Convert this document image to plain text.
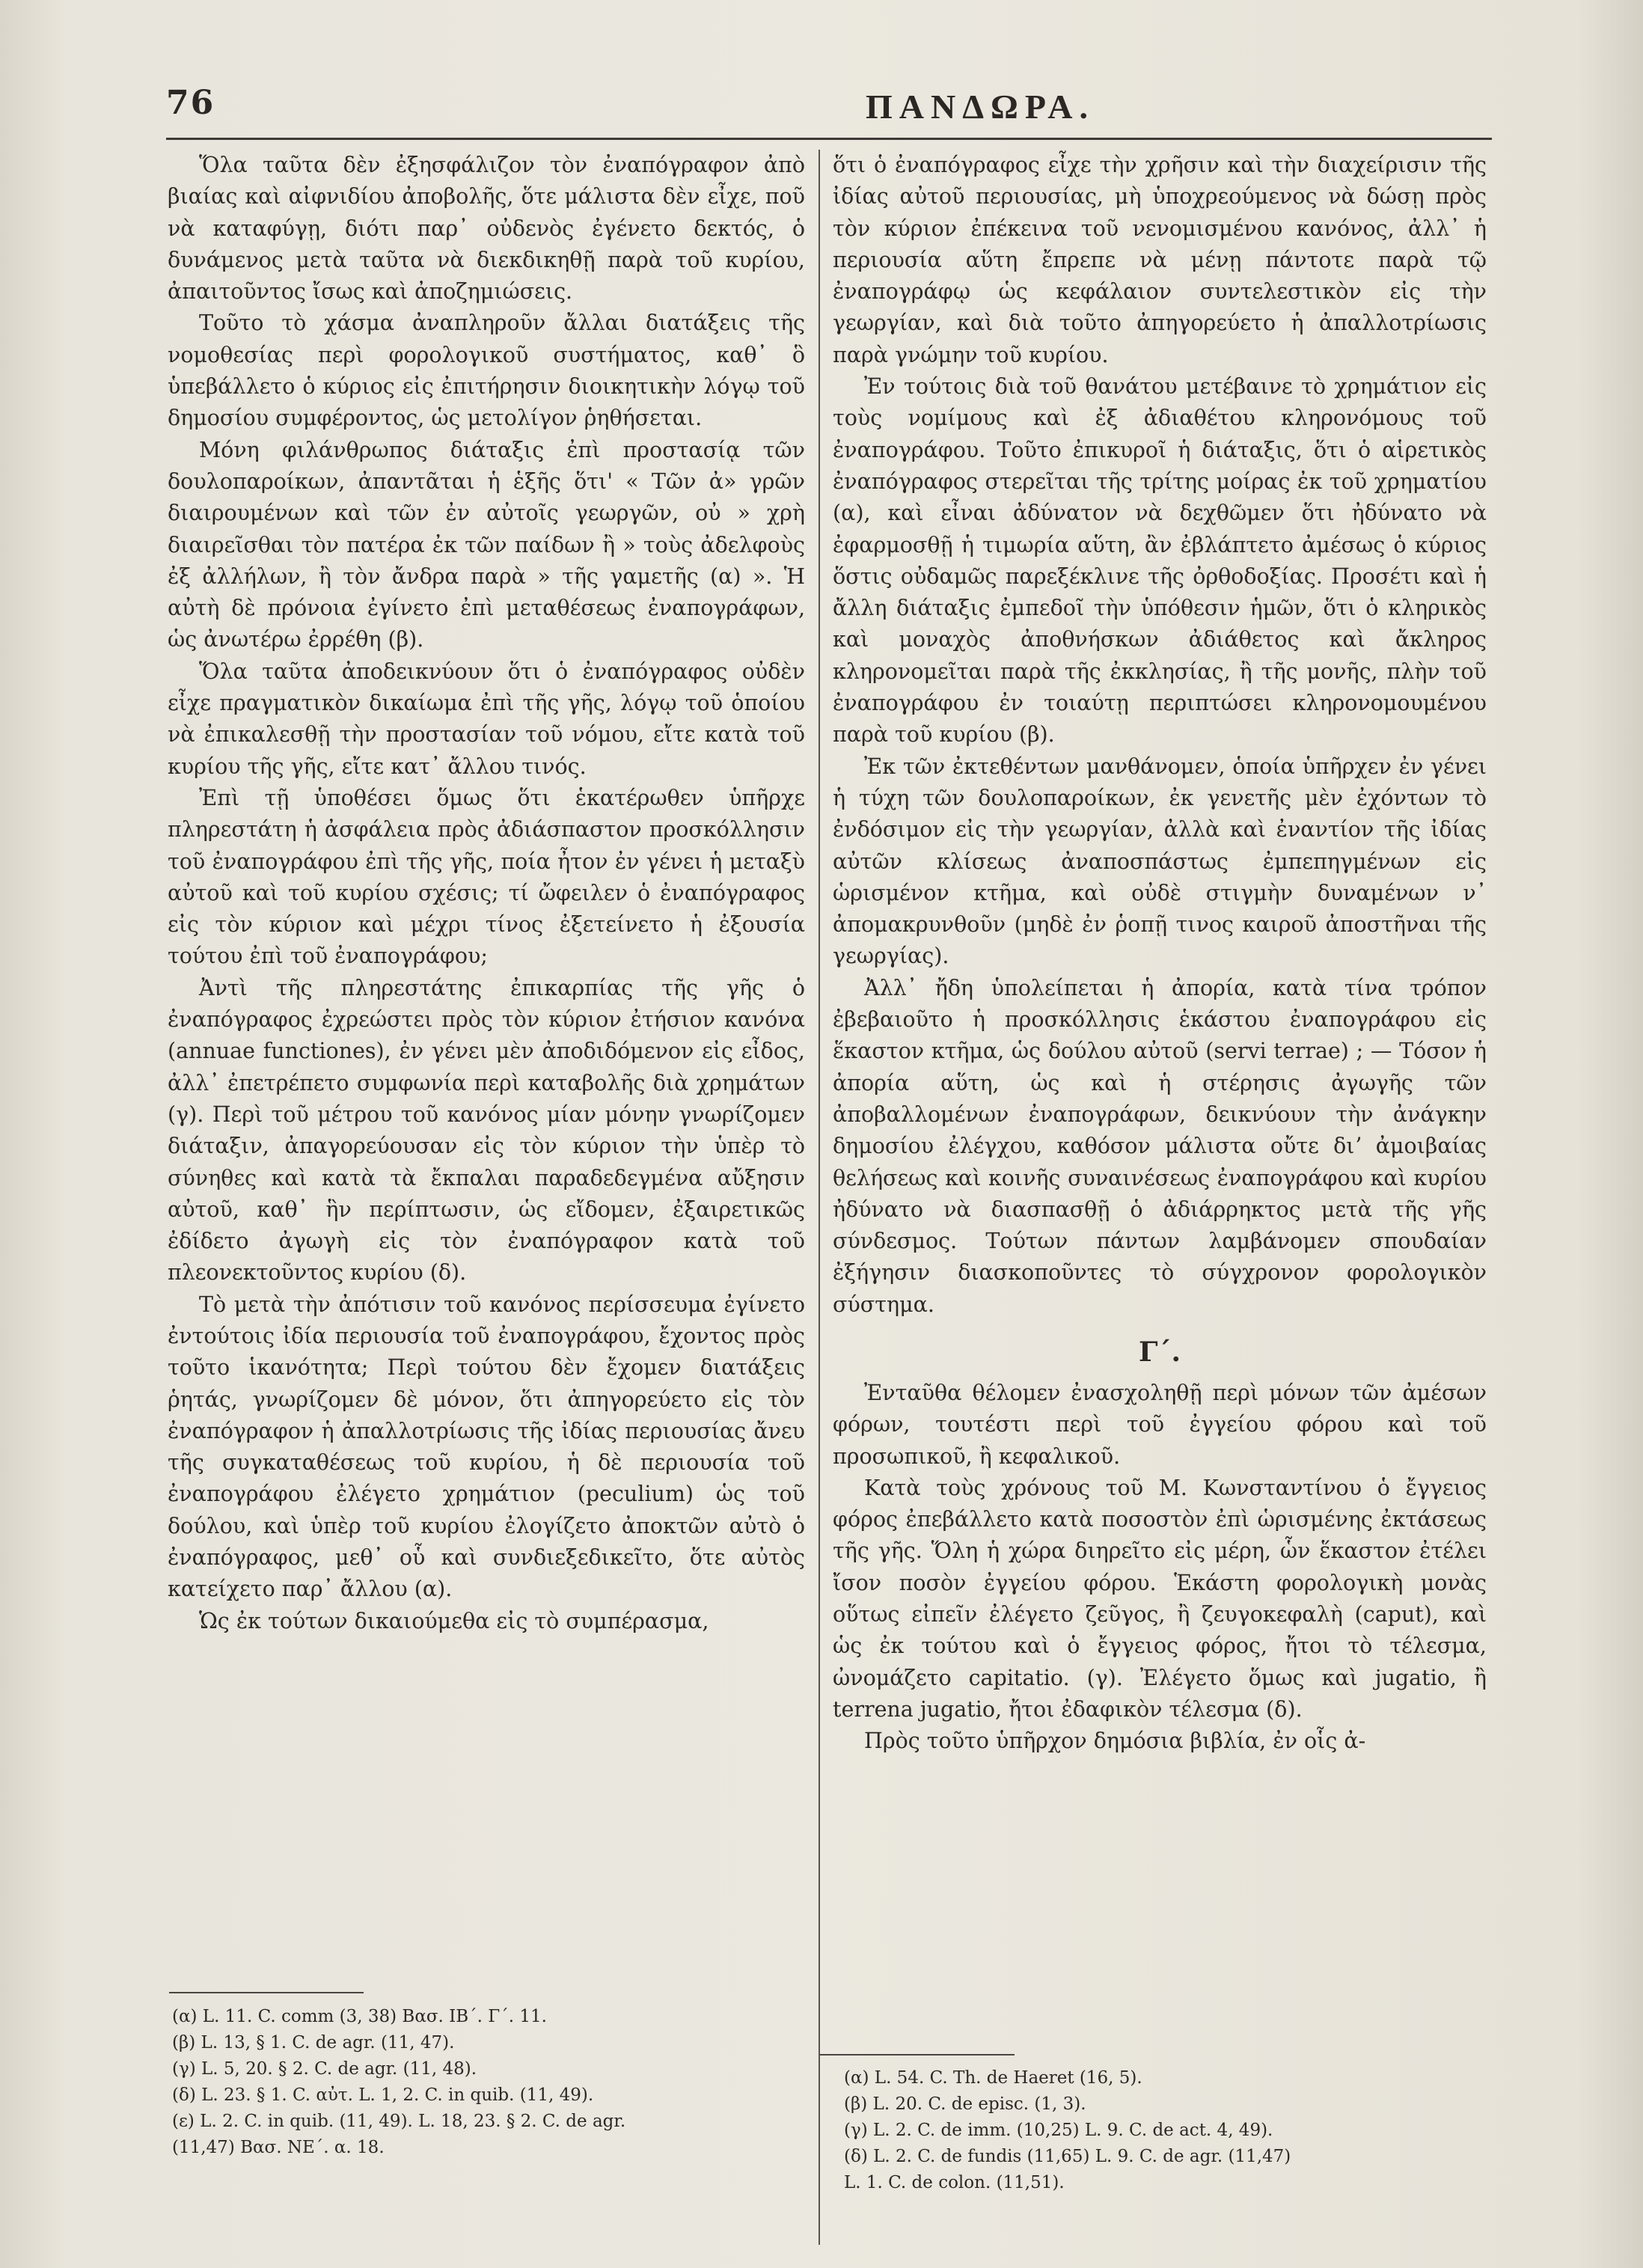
76	ΠΑΝΔΩΡΑ.

Ὅλα ταῦτα δὲν ἐξησφάλιζον τὸν ἐναπόγραφον ἀπὸ βιαίας καὶ αἰφνιδίου ἀποβολῆς, ὅτε μάλιστα δὲν εἶχε, ποῦ νὰ καταφύγῃ, διότι παρ᾽ οὐδενὸς ἐγένετο δεκτός, ὁ δυνάμενος μετὰ ταῦτα νὰ διεκδικηθῇ παρὰ τοῦ κυρίου, ἀπαιτοῦντος ἴσως καὶ ἀποζημιώσεις.

Τοῦτο τὸ χάσμα ἀναπληροῦν ἄλλαι διατάξεις τῆς νομοθεσίας περὶ φορολογικοῦ συστήματος, καθ᾽ ὃ ὑπεβάλλετο ὁ κύριος εἰς ἐπιτήρησιν διοικητικὴν λόγῳ τοῦ δημοσίου συμφέροντος, ὡς μετολίγον ῥηθήσεται.

Μόνη φιλάνθρωπος διάταξις ἐπὶ προστασίᾳ τῶν δουλοπαροίκων, ἀπαντᾶται ἡ ἑξῆς ὅτι' « Τῶν ἀ» γρῶν διαιρουμένων καὶ τῶν ἐν αὐτοῖς γεωργῶν, οὐ » χρὴ διαιρεῖσθαι τὸν πατέρα ἐκ τῶν παίδων ἢ » τοὺς ἀδελφοὺς ἐξ ἀλλήλων, ἢ τὸν ἄνδρα παρὰ » τῆς γαμετῆς (α) ». Ἡ αὐτὴ δὲ πρόνοια ἐγίνετο ἐπὶ μεταθέσεως ἐναπογράφων, ὡς ἀνωτέρω ἐρρέθη (β).

Ὅλα ταῦτα ἀποδεικνύουν ὅτι ὁ ἐναπόγραφος οὐδὲν εἶχε πραγματικὸν δικαίωμα ἐπὶ τῆς γῆς, λόγῳ τοῦ ὁποίου νὰ ἐπικαλεσθῇ τὴν προστασίαν τοῦ νόμου, εἴτε κατὰ τοῦ κυρίου τῆς γῆς, εἴτε κατ᾽ ἄλλου τινός.

Ἐπὶ τῇ ὑποθέσει ὅμως ὅτι ἑκατέρωθεν ὑπῆρχε πληρεστάτη ἡ ἀσφάλεια πρὸς ἀδιάσπαστον προσκόλλησιν τοῦ ἐναπογράφου ἐπὶ τῆς γῆς, ποία ἦτον ἐν γένει ἡ μεταξὺ αὐτοῦ καὶ τοῦ κυρίου σχέσις; τί ὤφειλεν ὁ ἐναπόγραφος εἰς τὸν κύριον καὶ μέχρι τίνος ἐξετείνετο ἡ ἐξουσία τούτου ἐπὶ τοῦ ἐναπογράφου;

Ἀντὶ τῆς πληρεστάτης ἐπικαρπίας τῆς γῆς ὁ ἐναπόγραφος ἐχρεώστει πρὸς τὸν κύριον ἐτήσιον κανόνα (annuae functiones), ἐν γένει μὲν ἀποδιδόμενον εἰς εἶδος, ἀλλ᾽ ἐπετρέπετο συμφωνία περὶ καταβολῆς διὰ χρημάτων (γ). Περὶ τοῦ μέτρου τοῦ κανόνος μίαν μόνην γνωρίζομεν διάταξιν, ἀπαγορεύουσαν εἰς τὸν κύριον τὴν ὑπὲρ τὸ σύνηθες καὶ κατὰ τὰ ἔκπαλαι παραδεδεγμένα αὔξησιν αὐτοῦ, καθ᾽ ἣν περίπτωσιν, ὡς εἴδομεν, ἐξαιρετικῶς ἐδίδετο ἀγωγὴ εἰς τὸν ἐναπόγραφον κατὰ τοῦ πλεονεκτοῦντος κυρίου (δ).

Τὸ μετὰ τὴν ἀπότισιν τοῦ κανόνος περίσσευμα ἐγίνετο ἐντούτοις ἰδία περιουσία τοῦ ἐναπογράφου, ἔχοντος πρὸς τοῦτο ἱκανότητα; Περὶ τούτου δὲν ἔχομεν διατάξεις ῥητάς, γνωρίζομεν δὲ μόνον, ὅτι ἀπηγορεύετο εἰς τὸν ἐναπόγραφον ἡ ἀπαλλοτρίωσις τῆς ἰδίας περιουσίας ἄνευ τῆς συγκαταθέσεως τοῦ κυρίου, ἡ δὲ περιουσία τοῦ ἐναπογράφου ἐλέγετο χρημάτιον (peculium) ὡς τοῦ δούλου, καὶ ὑπὲρ τοῦ κυρίου ἐλογίζετο ἀποκτῶν αὐτὸ ὁ ἐναπόγραφος, μεθ᾽ οὗ καὶ συνδιεξεδικεῖτο, ὅτε αὐτὸς κατείχετο παρ᾽ ἄλλου (α).

Ὡς ἐκ τούτων δικαιούμεθα εἰς τὸ συμπέρασμα,

ὅτι ὁ ἐναπόγραφος εἶχε τὴν χρῆσιν καὶ τὴν διαχείρισιν τῆς ἰδίας αὐτοῦ περιουσίας, μὴ ὑποχρεούμενος νὰ δώσῃ πρὸς τὸν κύριον ἐπέκεινα τοῦ νενομισμένου κανόνος, ἀλλ᾽ ἡ περιουσία αὕτη ἔπρεπε νὰ μένῃ πάντοτε παρὰ τῷ ἐναπογράφῳ ὡς κεφάλαιον συντελεστικὸν εἰς τὴν γεωργίαν, καὶ διὰ τοῦτο ἀπηγορεύετο ἡ ἀπαλλοτρίωσις παρὰ γνώμην τοῦ κυρίου.

Ἐν τούτοις διὰ τοῦ θανάτου μετέβαινε τὸ χρημάτιον εἰς τοὺς νομίμους καὶ ἐξ ἀδιαθέτου κληρονόμους τοῦ ἐναπογράφου. Τοῦτο ἐπικυροῖ ἡ διάταξις, ὅτι ὁ αἱρετικὸς ἐναπόγραφος στερεῖται τῆς τρίτης μοίρας ἐκ τοῦ χρηματίου (α), καὶ εἶναι ἀδύνατον νὰ δεχθῶμεν ὅτι ἠδύνατο νὰ ἐφαρμοσθῇ ἡ τιμωρία αὕτη, ἂν ἐβλάπτετο ἀμέσως ὁ κύριος ὅστις οὐδαμῶς παρεξέκλινε τῆς ὀρθοδοξίας. Προσέτι καὶ ἡ ἄλλη διάταξις ἐμπεδοῖ τὴν ὑπόθεσιν ἡμῶν, ὅτι ὁ κληρικὸς καὶ μοναχὸς ἀποθνήσκων ἀδιάθετος καὶ ἄκληρος κληρονομεῖται παρὰ τῆς ἐκκλησίας, ἢ τῆς μονῆς, πλὴν τοῦ ἐναπογράφου ἐν τοιαύτῃ περιπτώσει κληρονομουμένου παρὰ τοῦ κυρίου (β).

Ἐκ τῶν ἐκτεθέντων μανθάνομεν, ὁποία ὑπῆρχεν ἐν γένει ἡ τύχη τῶν δουλοπαροίκων, ἐκ γενετῆς μὲν ἐχόντων τὸ ἐνδόσιμον εἰς τὴν γεωργίαν, ἀλλὰ καὶ ἐναντίον τῆς ἰδίας αὐτῶν κλίσεως ἀναποσπάστως ἐμπεπηγμένων εἰς ὡρισμένον κτῆμα, καὶ οὐδὲ στιγμὴν δυναμένων ν᾽ ἀπομακρυνθοῦν (μηδὲ ἐν ῥοπῇ τινος καιροῦ ἀποστῆναι τῆς γεωργίας).

Ἀλλ᾽ ἤδη ὑπολείπεται ἡ ἀπορία, κατὰ τίνα τρόπον ἐβεβαιοῦτο ἡ προσκόλλησις ἑκάστου ἐναπογράφου εἰς ἕκαστον κτῆμα, ὡς δούλου αὐτοῦ (servi terrae) ; — Τόσον ἡ ἀπορία αὕτη, ὡς καὶ ἡ στέρησις ἀγωγῆς τῶν ἀποβαλλομένων ἐναπογράφων, δεικνύουν τὴν ἀνάγκην δημοσίου ἐλέγχου, καθόσον μάλιστα οὔτε διʼ ἀμοιβαίας θελήσεως καὶ κοινῆς συναινέσεως ἐναπογράφου καὶ κυρίου ἠδύνατο νὰ διασπασθῇ ὁ ἀδιάρρηκτος μετὰ τῆς γῆς σύνδεσμος. Τούτων πάντων λαμβάνομεν σπουδαίαν ἐξήγησιν διασκοποῦντες τὸ σύγχρονον φορολογικὸν σύστημα.

Γ΄.

Ἐνταῦθα θέλομεν ἐνασχοληθῇ περὶ μόνων τῶν ἀμέσων φόρων, τουτέστι περὶ τοῦ ἐγγείου φόρου καὶ τοῦ προσωπικοῦ, ἢ κεφαλικοῦ.

Κατὰ τοὺς χρόνους τοῦ Μ. Κωνσταντίνου ὁ ἔγγειος φόρος ἐπεβάλλετο κατὰ ποσοστὸν ἐπὶ ὡρισμένης ἐκτάσεως τῆς γῆς. Ὅλη ἡ χώρα διηρεῖτο εἰς μέρη, ὧν ἕκαστον ἐτέλει ἴσον ποσὸν ἐγγείου φόρου. Ἑκάστη φορολογικὴ μονὰς οὕτως εἰπεῖν ἐλέγετο ζεῦγος, ἢ ζευγοκεφαλὴ (caput), καὶ ὡς ἐκ τούτου καὶ ὁ ἔγγειος φόρος, ἤτοι τὸ τέλεσμα, ὠνομάζετο capitatio. (γ). Ἐλέγετο ὅμως καὶ jugatio, ἢ terrena jugatio, ἤτοι ἐδαφικὸν τέλεσμα (δ).

Πρὸς τοῦτο ὑπῆρχον δημόσια βιβλία, ἐν οἷς ἀ-

(α) L. 11. C. comm (3, 38) Βασ. ΙΒ΄. Γ΄. 11.
(β) L. 13, § 1. C. de agr. (11, 47).
(γ) L. 5, 20. § 2. C. de agr. (11, 48).
(δ) L. 23. § 1. C. αὐτ. L. 1, 2. C. in quib. (11, 49).
(ε) L. 2. C. in quib. (11, 49). L. 18, 23. § 2. C. de agr.
(11,47) Βασ. ΝΕ΄. α. 18.
(α) L. 54. C. Th. de Haeret (16, 5).
(β) L. 20. C. de episc. (1, 3).
(γ) L. 2. C. de imm. (10,25) L. 9. C. de act. 4, 49).
(δ) L. 2. C. de fundis (11,65) L. 9. C. de agr. (11,47)
L. 1. C. de colon. (11,51).
